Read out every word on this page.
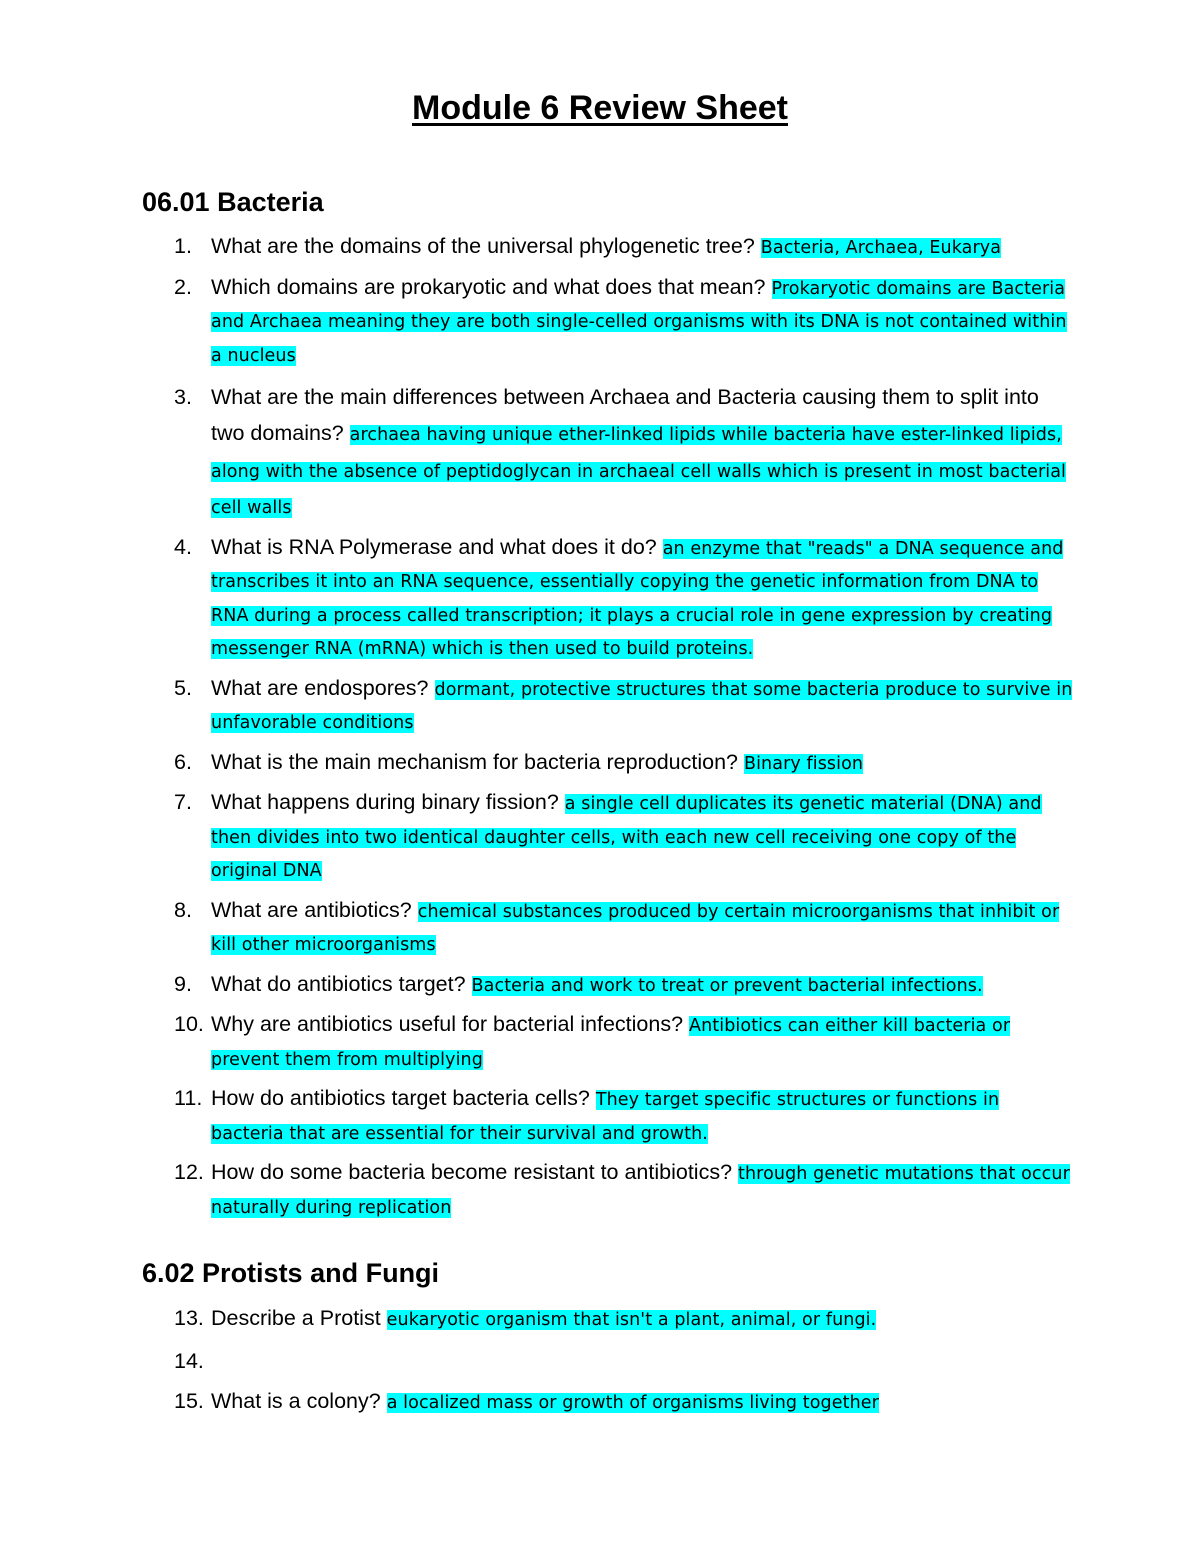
Module 6 Review Sheet
06.01 Bacteria
1. What are the domains of the universal phylogenetic tree? Bacteria, Archaea, Eukarya
2. Which domains are prokaryotic and what does that mean? Prokaryotic domains are Bacteria and Archaea meaning they are both single-celled organisms with its DNA is not contained within a nucleus
3. What are the main differences between Archaea and Bacteria causing them to split into two domains? archaea having unique ether-linked lipids while bacteria have ester-linked lipids, along with the absence of peptidoglycan in archaeal cell walls which is present in most bacterial cell walls
4. What is RNA Polymerase and what does it do? an enzyme that "reads" a DNA sequence and transcribes it into an RNA sequence, essentially copying the genetic information from DNA to RNA during a process called transcription; it plays a crucial role in gene expression by creating messenger RNA (mRNA) which is then used to build proteins.
5. What are endospores? dormant, protective structures that some bacteria produce to survive in unfavorable conditions
6. What is the main mechanism for bacteria reproduction? Binary fission
7. What happens during binary fission? a single cell duplicates its genetic material (DNA) and then divides into two identical daughter cells, with each new cell receiving one copy of the original DNA
8. What are antibiotics? chemical substances produced by certain microorganisms that inhibit or kill other microorganisms
9. What do antibiotics target? Bacteria and work to treat or prevent bacterial infections.
10. Why are antibiotics useful for bacterial infections? Antibiotics can either kill bacteria or prevent them from multiplying
11. How do antibiotics target bacteria cells? They target specific structures or functions in bacteria that are essential for their survival and growth.
12. How do some bacteria become resistant to antibiotics? through genetic mutations that occur naturally during replication
6.02 Protists and Fungi
13. Describe a Protist eukaryotic organism that isn't a plant, animal, or fungi.
14.
15. What is a colony? a localized mass or growth of organisms living together
